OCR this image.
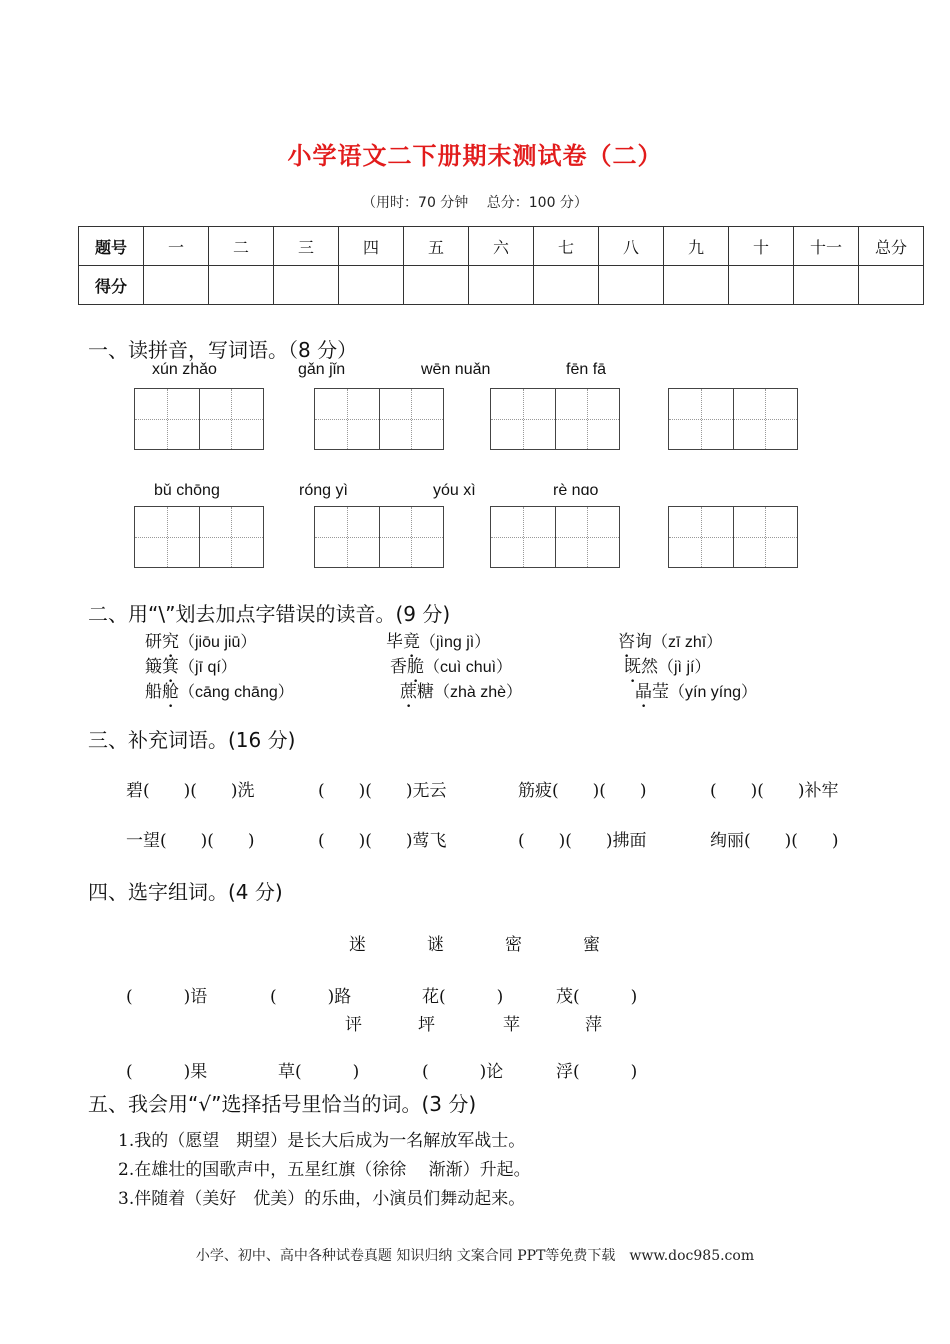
小学语文二下册期末测试卷（二）
（用时：70 分钟　 总分：100 分）
题号	一	二	三	四	五	六	七	八	九	十	十一	总分
得分												
一、读拼音，写词语。（8 分）
xún zhǎo	gǎn jǐn	wēn nuǎn	fēn fā
bǔ chōng	róng yì	yóu xì	rè nɑo
二、用“\”划去加点字错误的读音。(9 分)
研究（jiōu jiū）	毕竟（jìng jì）	咨询（zī zhī）
簸箕（jī qí）	香脆（cuì chuì）	既然（jì jí）
船舱（cāng chāng）	蔗糖（zhà zhè）	晶莹（yín yíng）
三、补充词语。(16 分)
碧(　　)(　　)洗	(　　)(　　)无云	筋疲(　　)(　　)	(　　)(　　)补牢
一望(　　)(　　)	(　　)(　　)莺飞	(　　)(　　)拂面	绚丽(　　)(　　)
四、选字组词。(4 分)
迷	谜	密	蜜
(　　　)语	(　　　)路	花(　　　)	茂(　　　)
评	坪	苹	萍
(　　　)果	草(　　　)	(　　　)论	浮(　　　)
五、我会用“√”选择括号里恰当的词。(3 分)
1.我的（愿望　期望）是长大后成为一名解放军战士。
2.在雄壮的国歌声中，五星红旗（徐徐　 渐渐）升起。
3.伴随着（美好　优美）的乐曲，小演员们舞动起来。
小学、初中、高中各种试卷真题 知识归纳 文案合同 PPT等免费下载　www.doc985.com
